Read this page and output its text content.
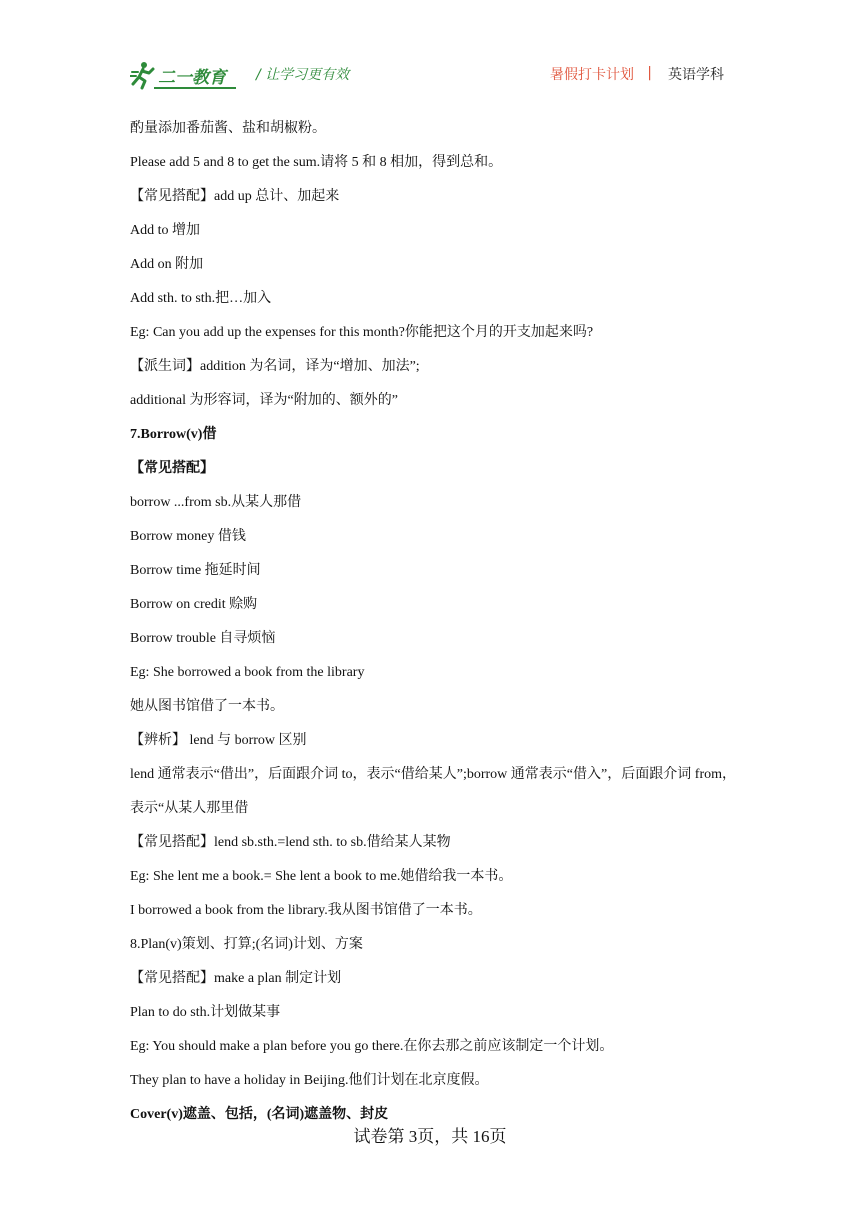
二一教育 / 让学习更有效	暑假打卡计划 | 英语学科
酌量添加番茄酱、盐和胡椒粉。
Please add 5 and 8 to get the sum.请将 5 和 8 相加，得到总和。
【常见搭配】add up 总计、加起来
Add to 增加
Add on 附加
Add sth. to sth.把…加入
Eg: Can you add up the expenses for this month?你能把这个月的开支加起来吗?
【派生词】addition 为名词，译为“增加、加法”;
additional 为形容词，译为“附加的、额外的”
7.Borrow(v)借
【常见搭配】
borrow ...from sb.从某人那借
Borrow money 借钱
Borrow time 拖延时间
Borrow on credit 赊购
Borrow trouble 自寻烦恼
Eg: She borrowed a book from the library
她从图书馆借了一本书。
【辨析】 lend 与 borrow 区别
lend 通常表示“借出”，后面跟介词 to，表示“借给某人”;borrow 通常表示“借入”，后面跟介词 from，表示“从某人那里借
【常见搭配】lend sb.sth.=lend sth. to sb.借给某人某物
Eg: She lent me a book.= She lent a book to me.她借给我一本书。
I borrowed a book from the library.我从图书馆借了一本书。
8.Plan(v)策划、打算;(名词)计划、方案
【常见搭配】make a plan 制定计划
Plan to do sth.计划做某事
Eg: You should make a plan before you go there.在你去那之前应该制定一个计划。
They plan to have a holiday in Beijing.他们计划在北京度假。
Cover(v)遮盖、包括，(名词)遮盖物、封皮
试卷第 3页，共 16页
